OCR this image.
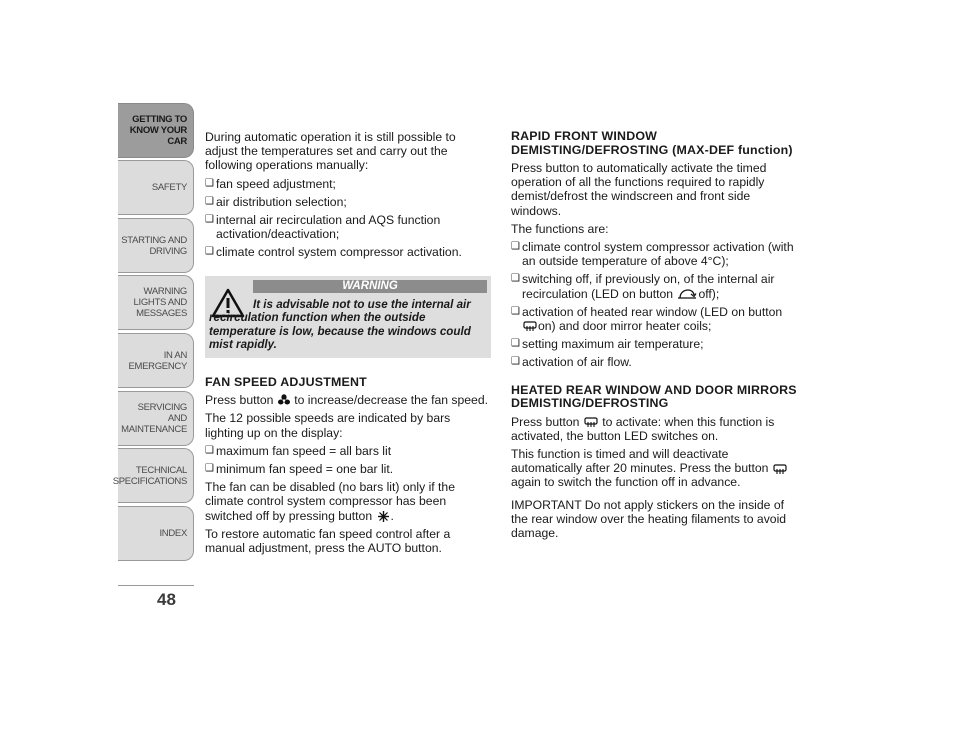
GETTING TO KNOW YOUR CAR
SAFETY
STARTING AND DRIVING
WARNING LIGHTS AND MESSAGES
IN AN EMERGENCY
SERVICING AND MAINTENANCE
TECHNICAL SPECIFICATIONS
INDEX
48

During automatic operation it is still possible to adjust the temperatures set and carry out the following operations manually:

❑ fan speed adjustment;
❑ air distribution selection;
❑ internal air recirculation and AQS function activation/deactivation;
❑ climate control system compressor activation.
WARNING
It is advisable not to use the internal air recirculation function when the outside temperature is low, because the windows could mist rapidly.
FAN SPEED ADJUSTMENT

Press button to increase/decrease the fan speed.

The 12 possible speeds are indicated by bars lighting up on the display:

❑ maximum fan speed = all bars lit
❑ minimum fan speed = one bar lit.

The fan can be disabled (no bars lit) only if the climate control system compressor has been switched off by pressing button .

To restore automatic fan speed control after a manual adjustment, press the AUTO button.

RAPID FRONT WINDOW DEMISTING/DEFROSTING (MAX-DEF function)

Press button to automatically activate the timed operation of all the functions required to rapidly demist/defrost the windscreen and front side windows.

The functions are:

❑ climate control system compressor activation (with an outside temperature of above 4°C);
❑ switching off, if previously on, of the internal air recirculation (LED on button off);
❑ activation of heated rear window (LED on button
on) and door mirror heater coils;
❑ setting maximum air temperature;
❑ activation of air flow.
HEATED REAR WINDOW AND DOOR MIRRORS DEMISTING/DEFROSTING

Press button to activate: when this function is activated, the button LED switches on.

This function is timed and will deactivate automatically after 20 minutes. Press the button  again to switch the function off in advance.

IMPORTANT Do not apply stickers on the inside of the rear window over the heating filaments to avoid damage.
